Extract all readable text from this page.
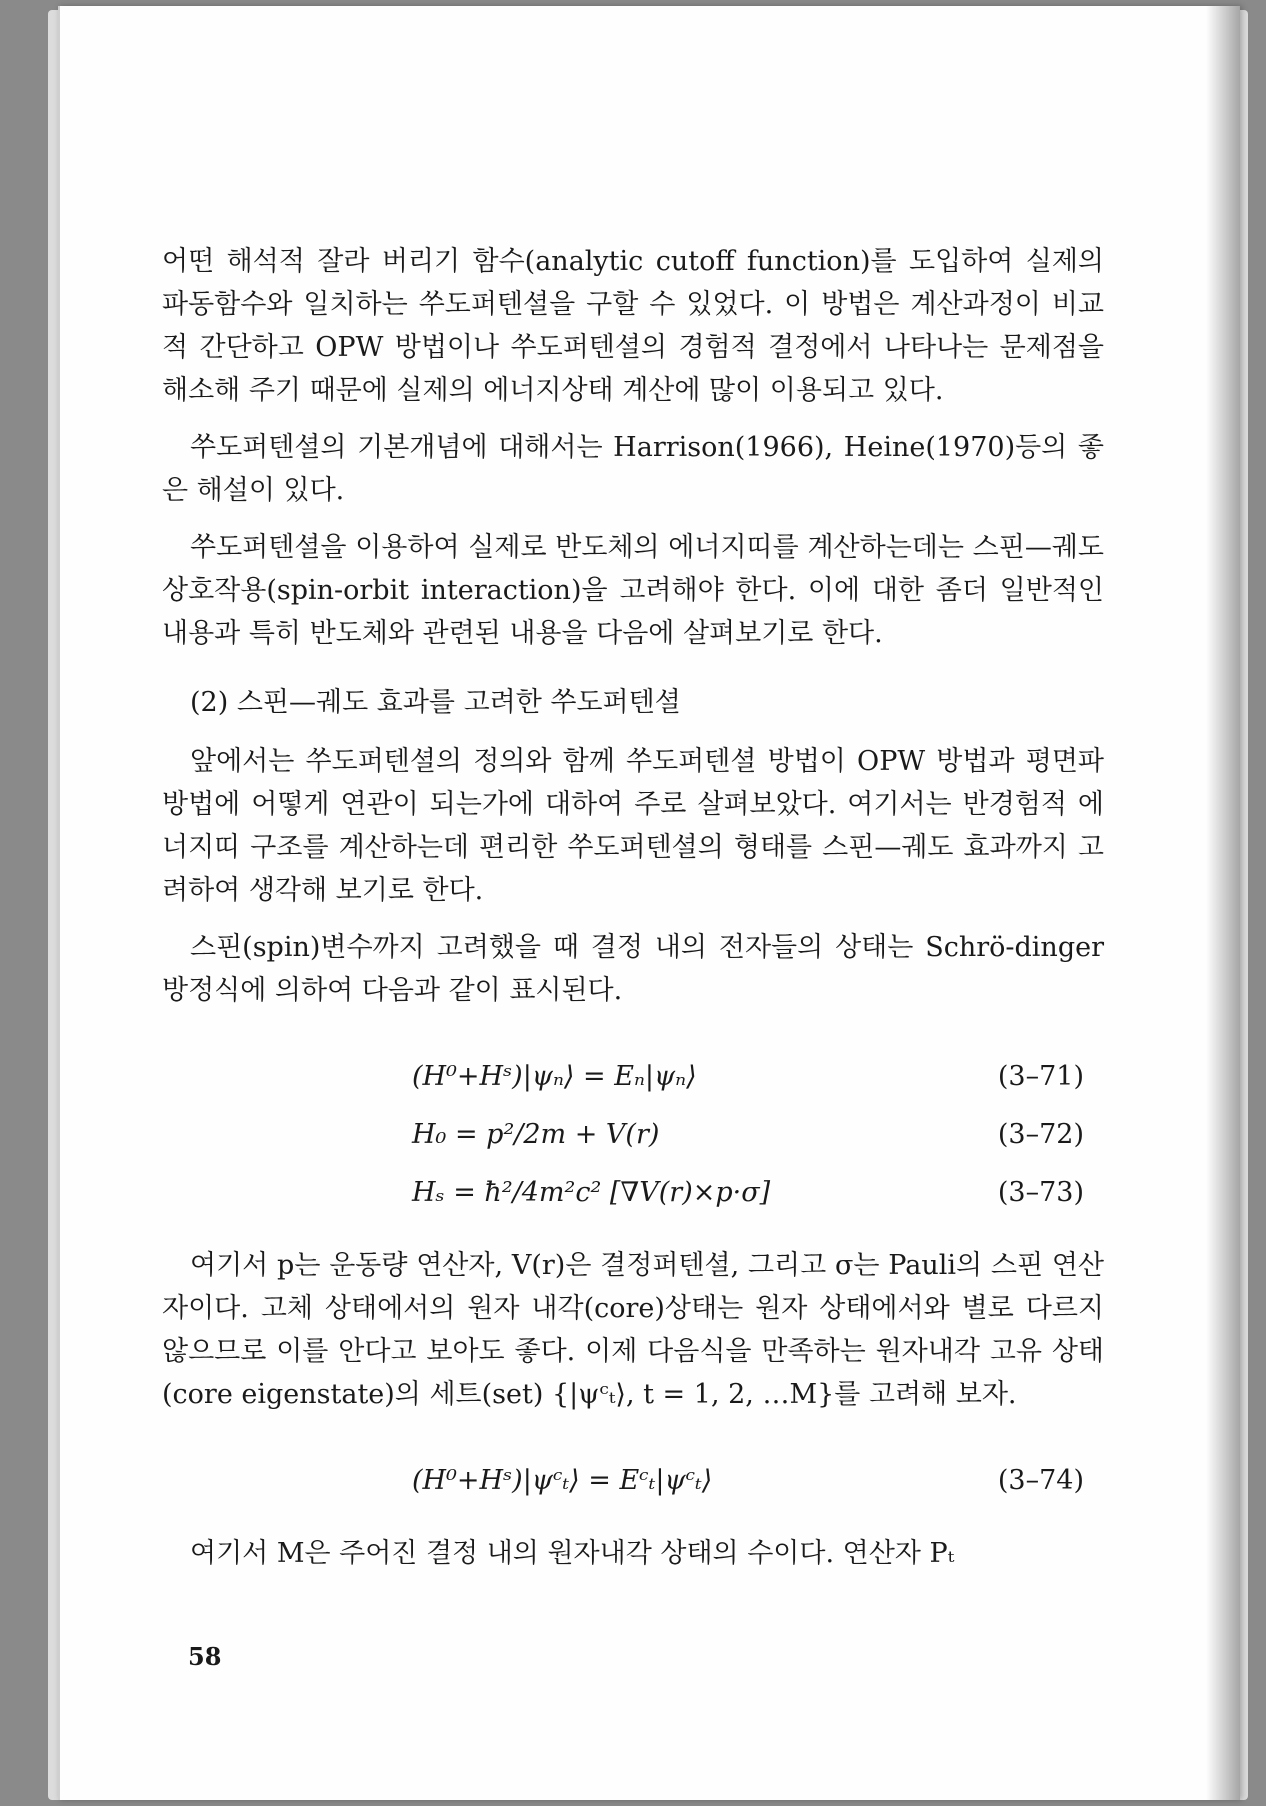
어떤 해석적 잘라 버리기 함수(analytic cutoff function)를 도입하여 실제의 파동함수와 일치하는 쑤도퍼텐셜을 구할 수 있었다. 이 방법은 계산과정이 비교적 간단하고 OPW 방법이나 쑤도퍼텐셜의 경험적 결정에서 나타나는 문제점을 해소해 주기 때문에 실제의 에너지상태 계산에 많이 이용되고 있다.

쑤도퍼텐셜의 기본개념에 대해서는 Harrison(1966), Heine(1970)등의 좋은 해설이 있다.

쑤도퍼텐셜을 이용하여 실제로 반도체의 에너지띠를 계산하는데는 스핀—궤도상호작용(spin-orbit interaction)을 고려해야 한다. 이에 대한 좀더 일반적인 내용과 특히 반도체와 관련된 내용을 다음에 살펴보기로 한다.

(2) 스핀—궤도 효과를 고려한 쑤도퍼텐셜

앞에서는 쑤도퍼텐셜의 정의와 함께 쑤도퍼텐셜 방법이 OPW 방법과 평면파 방법에 어떻게 연관이 되는가에 대하여 주로 살펴보았다. 여기서는 반경험적 에너지띠 구조를 계산하는데 편리한 쑤도퍼텐셜의 형태를 스핀—궤도 효과까지 고려하여 생각해 보기로 한다.

스핀(spin)변수까지 고려했을 때 결정 내의 전자들의 상태는 Schrö-dinger 방정식에 의하여 다음과 같이 표시된다.

(H⁰+Hˢ)|ψₙ⟩ = Eₙ|ψₙ⟩	(3–71)
H₀ = p²/2m + V(r)	(3–72)
Hₛ = ħ²/4m²c² [∇V(r)×p·σ]	(3–73)

여기서 p는 운동량 연산자, V(r)은 결정퍼텐셜, 그리고 σ는 Pauli의 스핀 연산자이다. 고체 상태에서의 원자 내각(core)상태는 원자 상태에서와 별로 다르지 않으므로 이를 안다고 보아도 좋다. 이제 다음식을 만족하는 원자내각 고유 상태(core eigenstate)의 세트(set) {|ψᶜₜ⟩, t = 1, 2, …M}를 고려해 보자.

(H⁰+Hˢ)|ψᶜₜ⟩ = Eᶜₜ|ψᶜₜ⟩	(3–74)

여기서 M은 주어진 결정 내의 원자내각 상태의 수이다. 연산자 Pₜ

58
